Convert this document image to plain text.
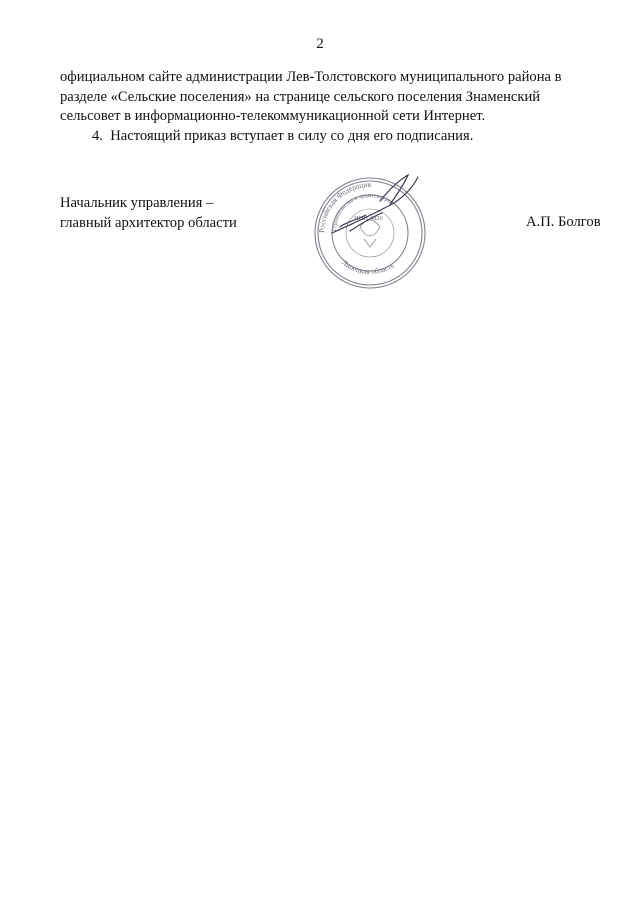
2

официальном сайте администрации Лев-Толстовского муниципального района в

разделе «Сельские поселения» на странице сельского поселения Знаменский

сельсовет в информационно-телекоммуникационной сети Интернет.

4.  Настоящий приказ вступает в силу со дня его подписания.

Начальник управления –
главный архитектор области	Российская Федерация
строительства и архитектуры
ИНН 4826
Липецкая область
А.П. Болгов
